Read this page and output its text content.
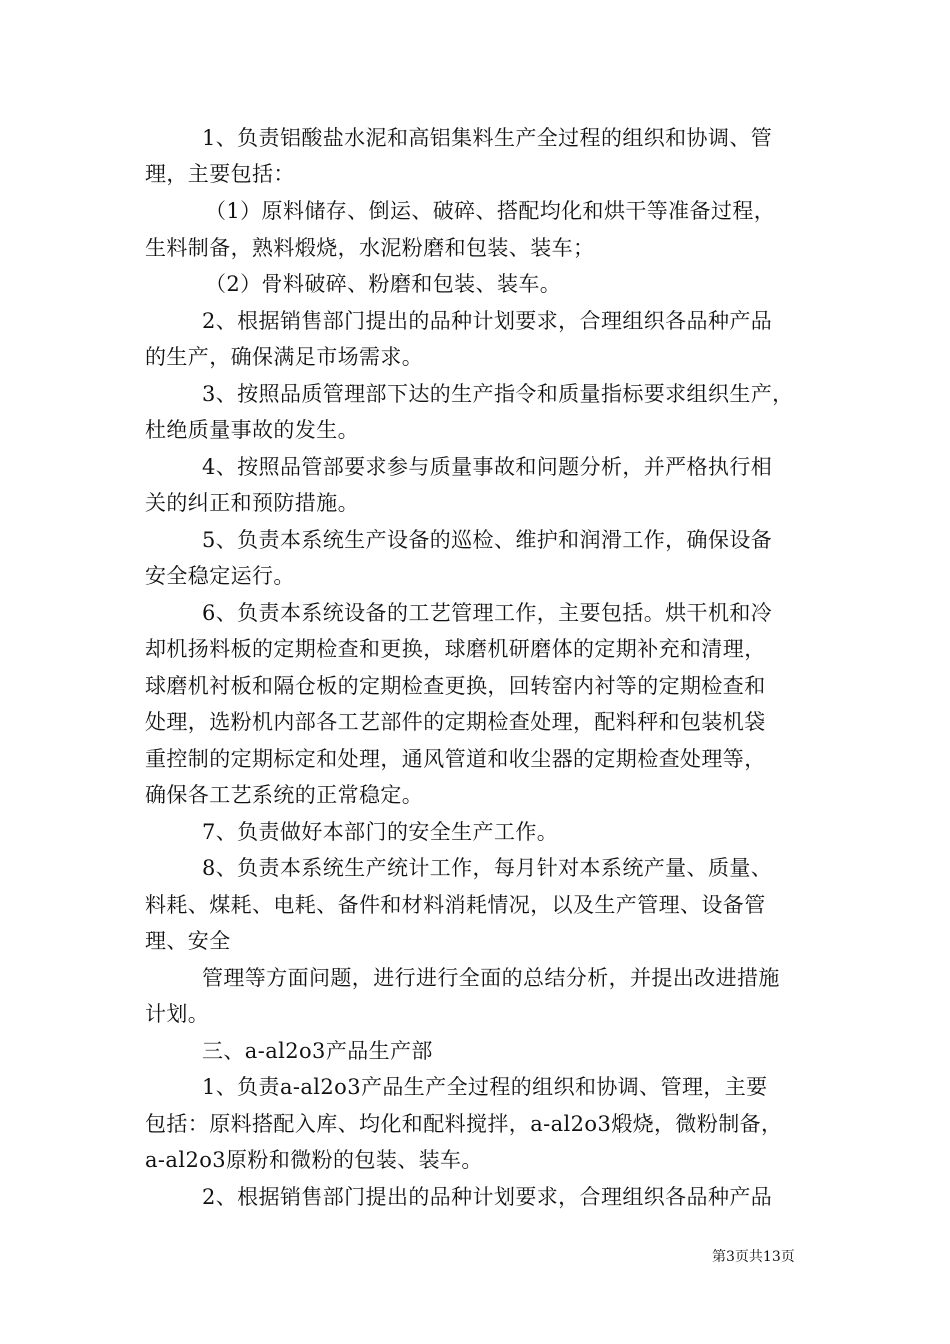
1、负责铝酸盐水泥和高铝集料生产全过程的组织和协调、管
理，主要包括：
（1）原料储存、倒运、破碎、搭配均化和烘干等准备过程，
生料制备，熟料煅烧，水泥粉磨和包装、装车；
（2）骨料破碎、粉磨和包装、装车。
2、根据销售部门提出的品种计划要求，合理组织各品种产品
的生产，确保满足市场需求。
3、按照品质管理部下达的生产指令和质量指标要求组织生产，
杜绝质量事故的发生。
4、按照品管部要求参与质量事故和问题分析，并严格执行相
关的纠正和预防措施。
5、负责本系统生产设备的巡检、维护和润滑工作，确保设备
安全稳定运行。
6、负责本系统设备的工艺管理工作，主要包括。烘干机和冷
却机扬料板的定期检查和更换，球磨机研磨体的定期补充和清理，
球磨机衬板和隔仓板的定期检查更换，回转窑内衬等的定期检查和
处理，选粉机内部各工艺部件的定期检查处理，配料秤和包装机袋
重控制的定期标定和处理，通风管道和收尘器的定期检查处理等，
确保各工艺系统的正常稳定。
7、负责做好本部门的安全生产工作。
8、负责本系统生产统计工作，每月针对本系统产量、质量、
料耗、煤耗、电耗、备件和材料消耗情况，以及生产管理、设备管
理、安全
管理等方面问题，进行进行全面的总结分析，并提出改进措施
计划。
三、a-al2o3产品生产部
1、负责a-al2o3产品生产全过程的组织和协调、管理，主要
包括：原料搭配入库、均化和配料搅拌，a-al2o3煅烧，微粉制备，
a-al2o3原粉和微粉的包装、装车。
2、根据销售部门提出的品种计划要求，合理组织各品种产品
第3页共13页
